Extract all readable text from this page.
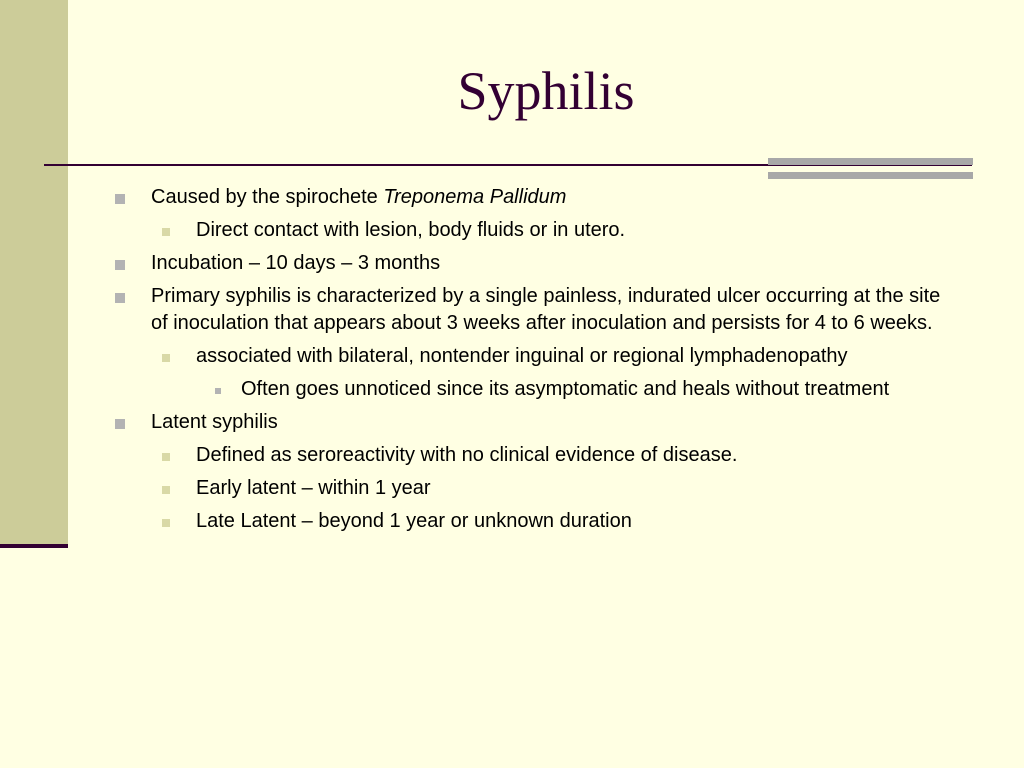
Syphilis
Caused by the spirochete Treponema Pallidum
Direct contact with lesion, body fluids or in utero.
Incubation – 10 days – 3 months
Primary syphilis is characterized by a single painless, indurated ulcer occurring at the site of inoculation that appears about 3 weeks after inoculation and persists for 4 to 6 weeks.
associated with bilateral, nontender inguinal or regional lymphadenopathy
Often goes unnoticed since its asymptomatic and heals without treatment
Latent syphilis
Defined as seroreactivity with no clinical evidence of disease.
Early latent – within 1 year
Late Latent – beyond 1 year or unknown duration
